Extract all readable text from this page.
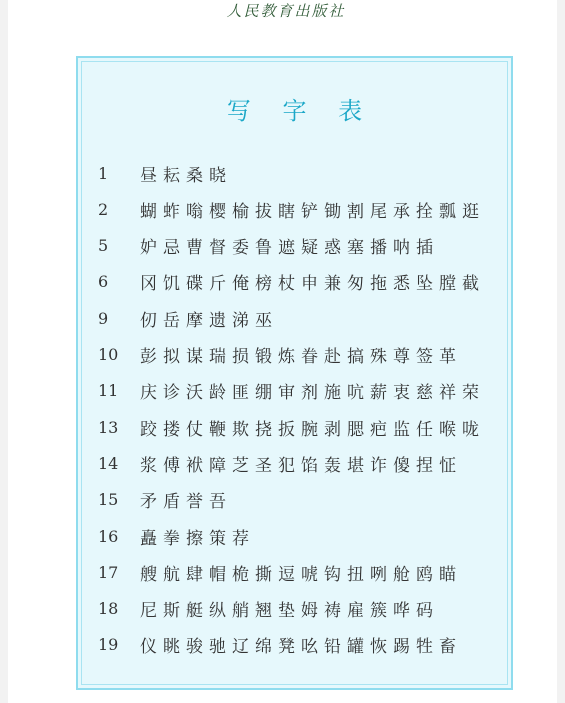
人民教育出版社
写 字 表
1	昼耘桑晓
2	蝴蚱嗡樱榆拔瞎铲锄割尾承拴瓢逛
5	妒忌曹督委鲁遮疑惑塞播呐插
6	冈饥碟斤俺榜杖申兼匆拖悉坠膛截
9	仞岳摩遗涕巫
10	彭拟谋瑞损锻炼眷赴搞殊尊签革
11	庆诊沃龄匪绷审剂施吭薪衷慈祥荣
13	跤搂仗鞭欺挠扳腕剥腮疤监任喉咙
14	浆傅袱障芝圣犯馅轰堪诈傻捏怔
15	矛盾誉吾
16	矗拳擦策荐
17	艘航肆帽桅撕逗唬钩扭咧舱鸥瞄
18	尼斯艇纵艄翘垫姆祷雇簇哗码
19	仪眺骏驰辽绵凳吆铅罐恢踢牲畜
